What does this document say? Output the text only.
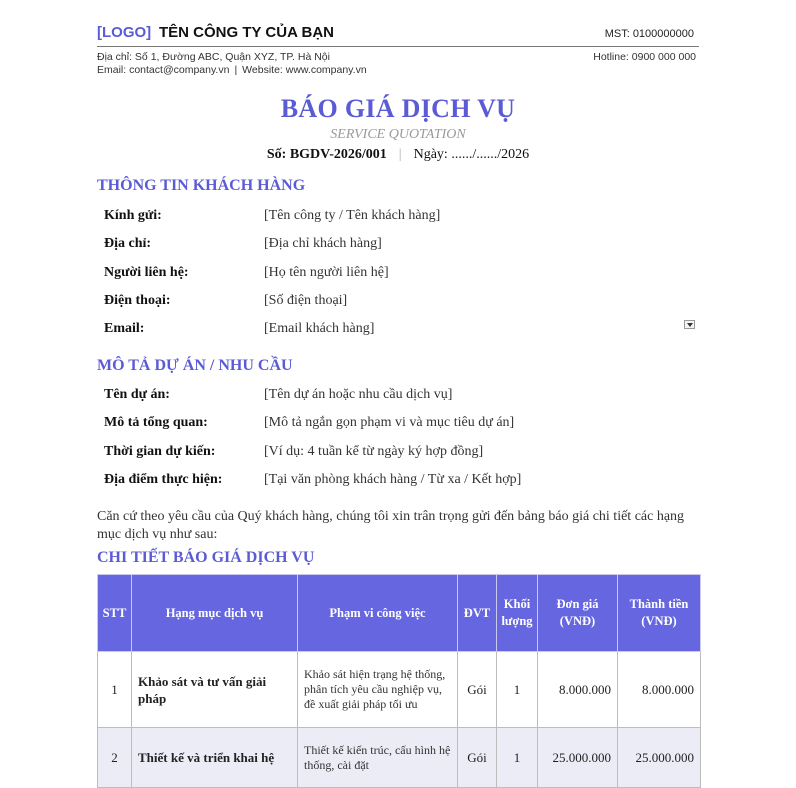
[LOGO] TÊN CÔNG TY CỦA BẠN	MST: 0100000000
Địa chỉ: Số 1, Đường ABC, Quận XYZ, TP. Hà Nội	Hotline: 0900 000 000
Email: contact@company.vn | Website: www.company.vn
BÁO GIÁ DỊCH VỤ
SERVICE QUOTATION
Số: BGDV-2026/001 | Ngày: ....../....../2026
THÔNG TIN KHÁCH HÀNG
Kính gửi:	[Tên công ty / Tên khách hàng]
Địa chỉ:	[Địa chỉ khách hàng]
Người liên hệ:	[Họ tên người liên hệ]
Điện thoại:	[Số điện thoại]
Email:	[Email khách hàng]
MÔ TẢ DỰ ÁN / NHU CẦU
Tên dự án:	[Tên dự án hoặc nhu cầu dịch vụ]
Mô tả tổng quan:	[Mô tả ngắn gọn phạm vi và mục tiêu dự án]
Thời gian dự kiến:	[Ví dụ: 4 tuần kể từ ngày ký hợp đồng]
Địa điểm thực hiện:	[Tại văn phòng khách hàng / Từ xa / Kết hợp]
Căn cứ theo yêu cầu của Quý khách hàng, chúng tôi xin trân trọng gửi đến bảng báo giá chi tiết các hạng mục dịch vụ như sau:
CHI TIẾT BÁO GIÁ DỊCH VỤ
STT	Hạng mục dịch vụ	Phạm vi công việc	ĐVT	Khối lượng	Đơn giá (VNĐ)	Thành tiền (VNĐ)
1	Khảo sát và tư vấn giải pháp	Khảo sát hiện trạng hệ thống, phân tích yêu cầu nghiệp vụ, đề xuất giải pháp tối ưu	Gói	1	8.000.000	8.000.000
2	Thiết kế và triển khai hệ	Thiết kế kiến trúc, cấu hình hệ thống, cài đặt	Gói	1	25.000.000	25.000.000
